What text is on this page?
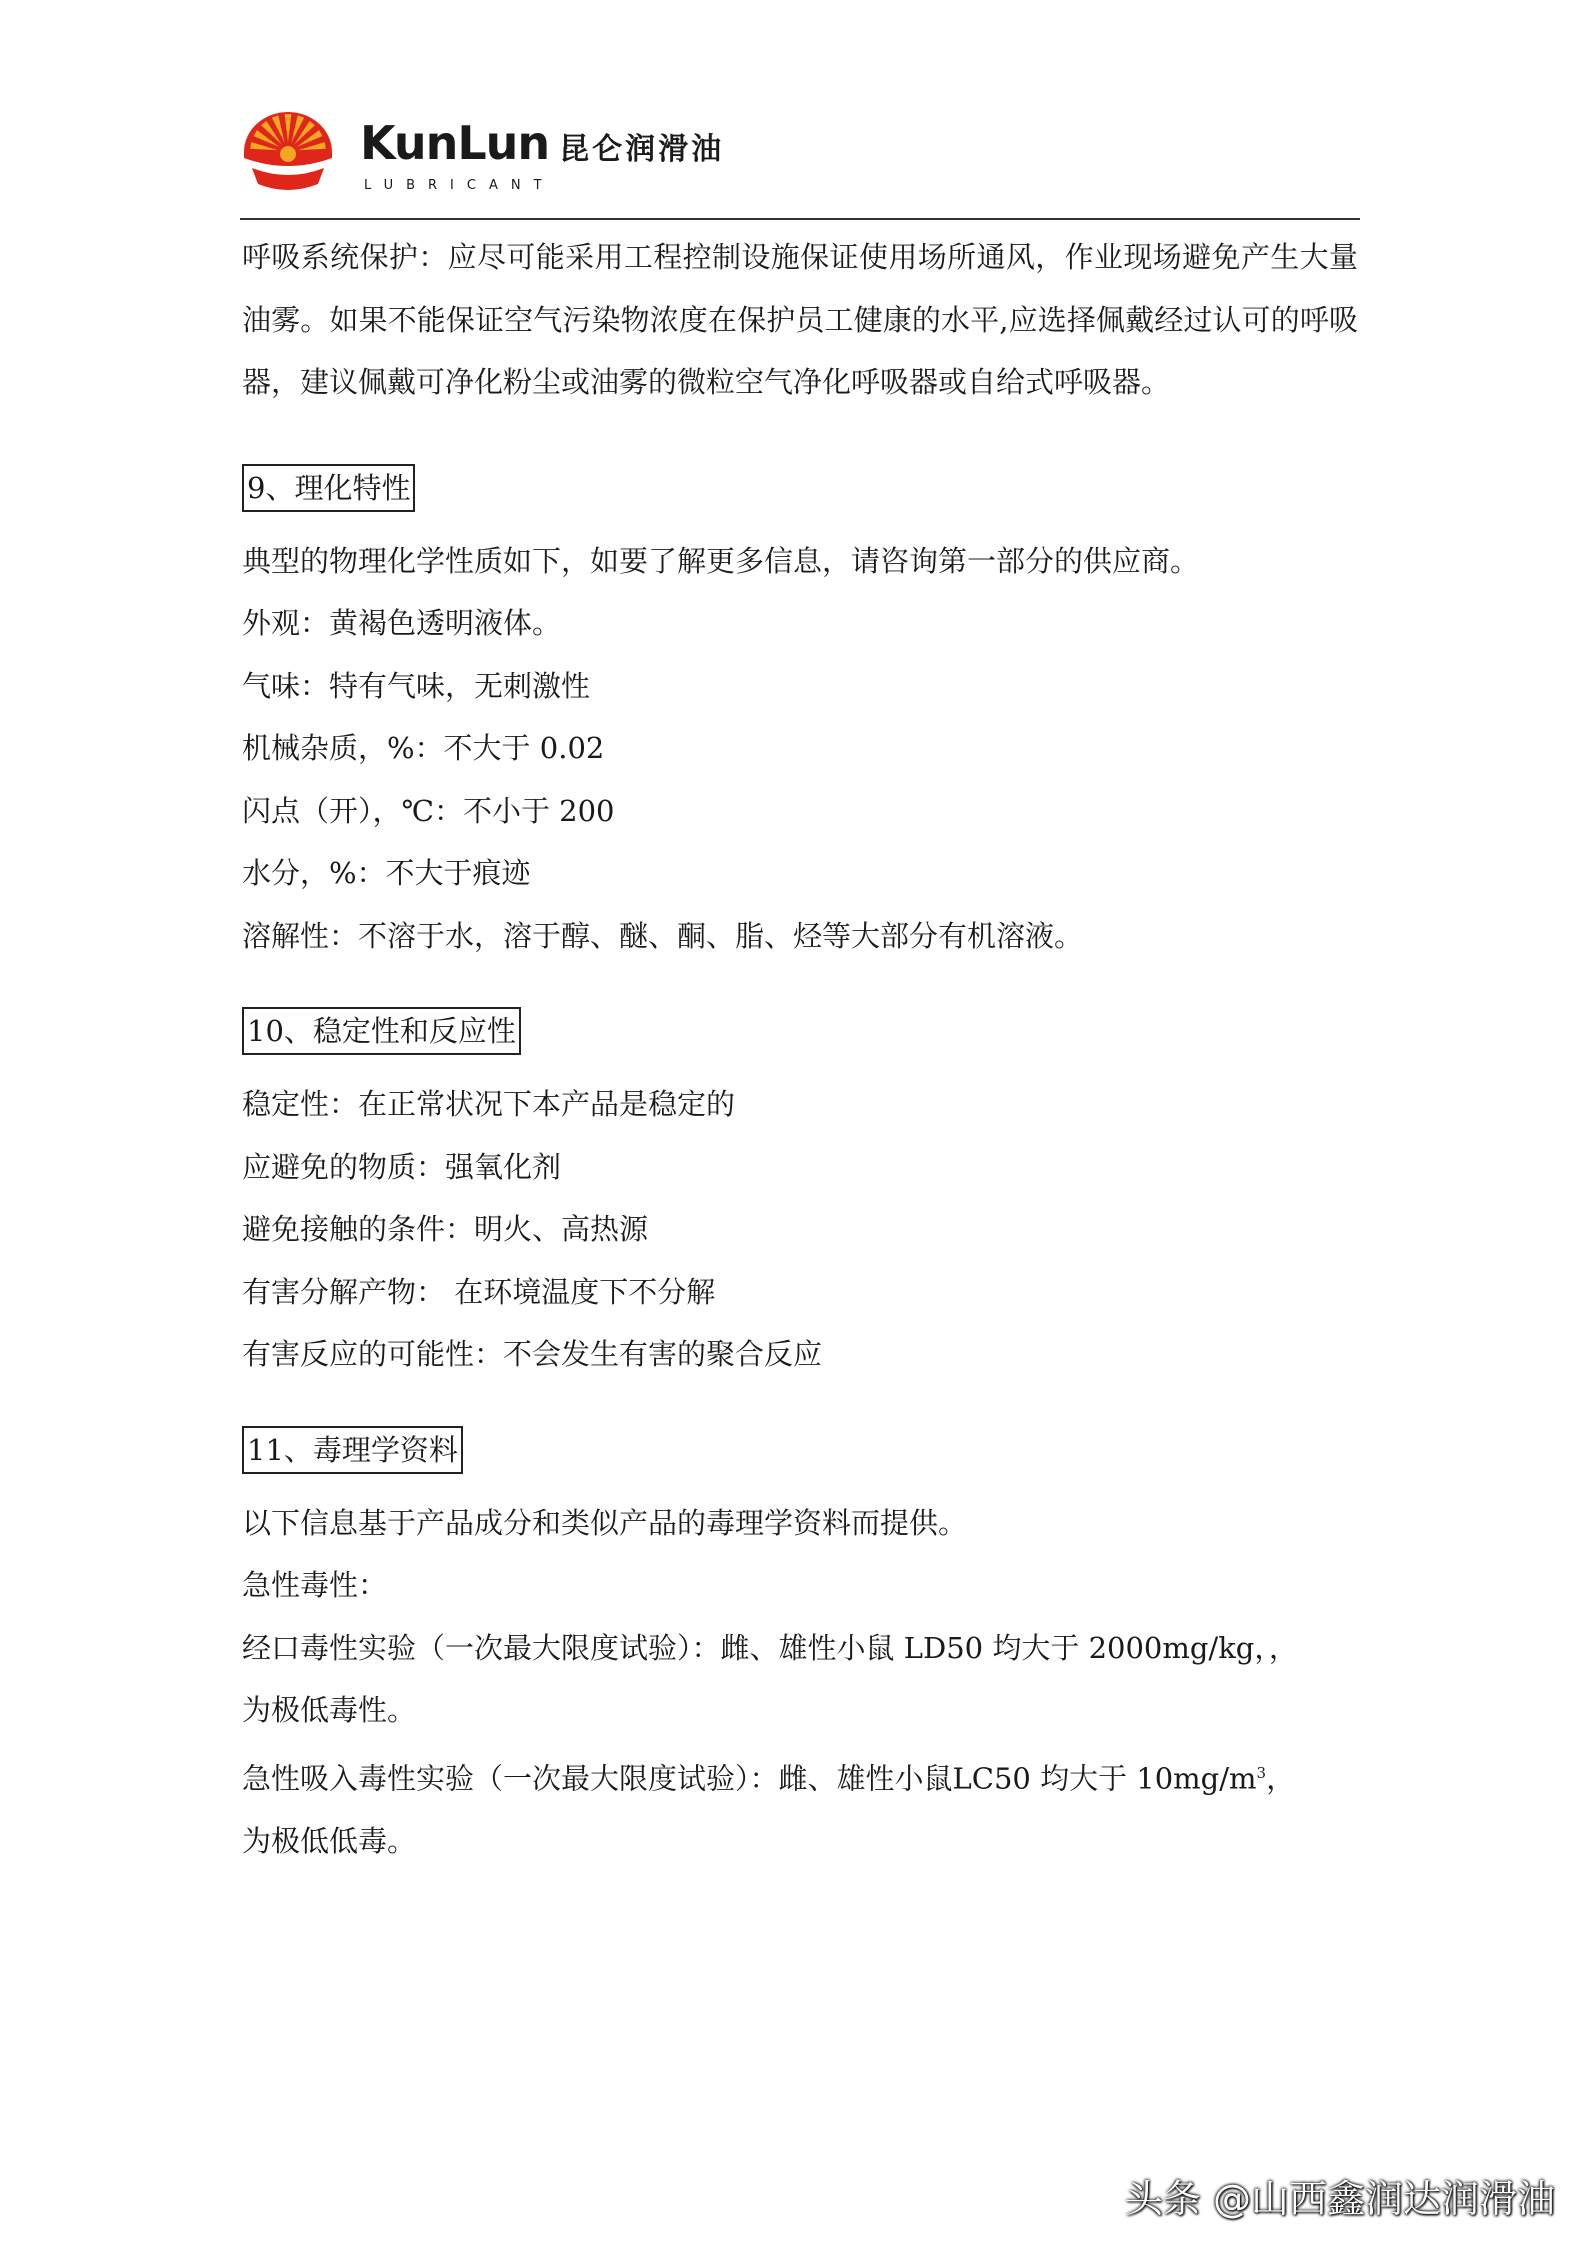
KunLun 昆仑润滑油
LUBRICANT

呼吸系统保护：应尽可能采用工程控制设施保证使用场所通风，作业现场避免产生大量油雾。如果不能保证空气污染物浓度在保护员工健康的水平,应选择佩戴经过认可的呼吸器，建议佩戴可净化粉尘或油雾的微粒空气净化呼吸器或自给式呼吸器。

9、理化特性

典型的物理化学性质如下，如要了解更多信息，请咨询第一部分的供应商。

外观：黄褐色透明液体。

气味：特有气味，无刺激性

机械杂质，%：不大于 0.02

闪点（开），℃：不小于 200

水分，%：不大于痕迹

溶解性：不溶于水，溶于醇、醚、酮、脂、烃等大部分有机溶液。

10、稳定性和反应性

稳定性：在正常状况下本产品是稳定的

应避免的物质：强氧化剂

避免接触的条件：明火、高热源

有害分解产物： 在环境温度下不分解

有害反应的可能性：不会发生有害的聚合反应

11、毒理学资料

以下信息基于产品成分和类似产品的毒理学资料而提供。

急性毒性：

经口毒性实验（一次最大限度试验）：雌、雄性小鼠 LD50 均大于 2000mg/kg，，

为极低毒性。

急性吸入毒性实验（一次最大限度试验）：雌、雄性小鼠LC50 均大于 $10mg/m^3$，

为极低低毒。

头条 @山西鑫润达润滑油
